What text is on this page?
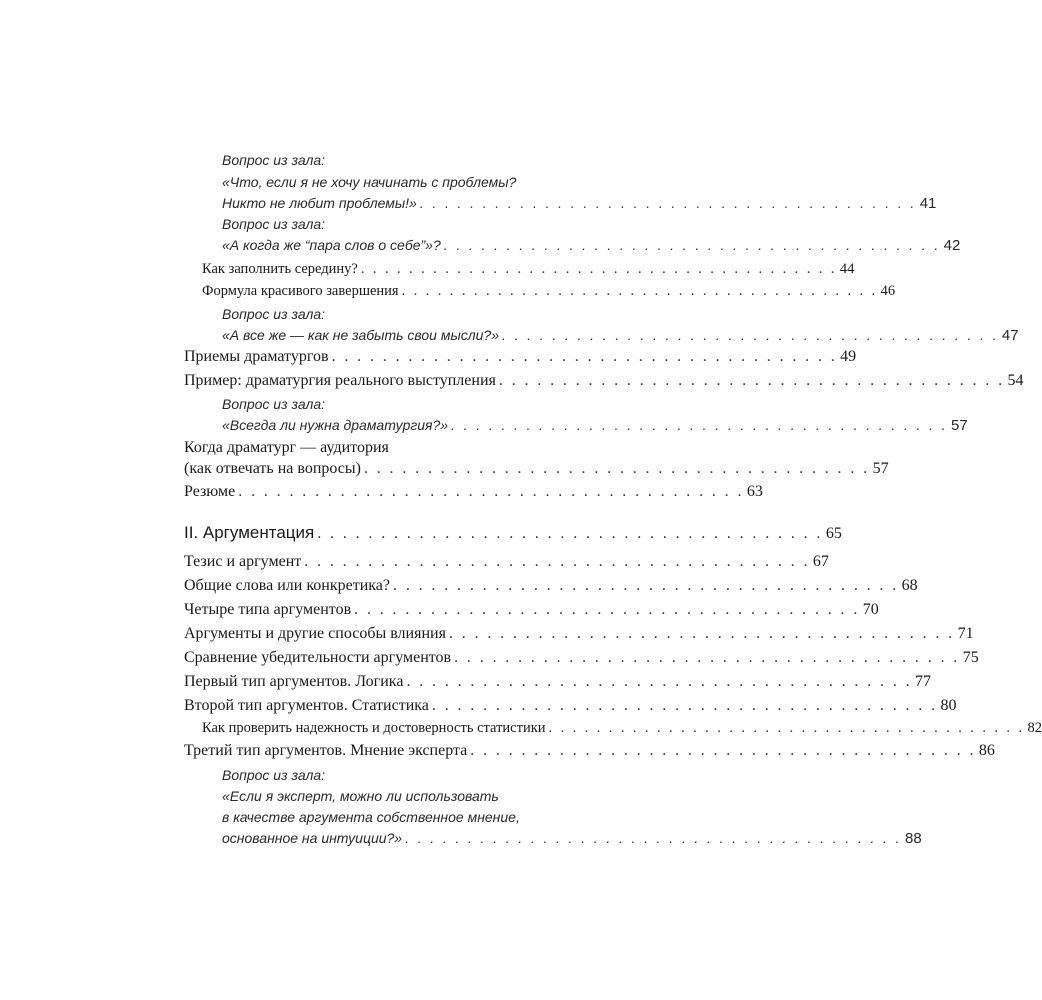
Вопрос из зала:
«Что, если я не хочу начинать с проблемы?
Никто не любит проблемы!» . . . . . . . . . . . . . . . . . . . . . . . . . . . . . . . . . . . . . . . . 41
Вопрос из зала:
«А когда же “пара слов о себе”»? . . . . . . . . . . . . . . . . . . . . . . . . . . . . . . . . . . . . . . . . 42
Как заполнить середину? . . . . . . . . . . . . . . . . . . . . . . . . . . . . . . . . . . . . . . . . 44
Формула красивого завершения . . . . . . . . . . . . . . . . . . . . . . . . . . . . . . . . . . . . . . . . 46
Вопрос из зала:
«А все же — как не забыть свои мысли?» . . . . . . . . . . . . . . . . . . . . . . . . . . . . . . . . . . . . . . . . 47
Приемы драматургов . . . . . . . . . . . . . . . . . . . . . . . . . . . . . . . . . . . . . . . . 49
Пример: драматургия реального выступления . . . . . . . . . . . . . . . . . . . . . . . . . . . . . . . . . . . . . . . . 54
Вопрос из зала:
«Всегда ли нужна драматургия?» . . . . . . . . . . . . . . . . . . . . . . . . . . . . . . . . . . . . . . . . 57
Когда драматург — аудитория
(как отвечать на вопросы) . . . . . . . . . . . . . . . . . . . . . . . . . . . . . . . . . . . . . . . . 57
Резюме . . . . . . . . . . . . . . . . . . . . . . . . . . . . . . . . . . . . . . . . 63
II. Аргументация . . . . . . . . . . . . . . . . . . . . . . . . . . . . . . . . . . . . . . . . 65
Тезис и аргумент . . . . . . . . . . . . . . . . . . . . . . . . . . . . . . . . . . . . . . . . 67
Общие слова или конкретика? . . . . . . . . . . . . . . . . . . . . . . . . . . . . . . . . . . . . . . . . 68
Четыре типа аргументов . . . . . . . . . . . . . . . . . . . . . . . . . . . . . . . . . . . . . . . . 70
Аргументы и другие способы влияния . . . . . . . . . . . . . . . . . . . . . . . . . . . . . . . . . . . . . . . . 71
Сравнение убедительности аргументов . . . . . . . . . . . . . . . . . . . . . . . . . . . . . . . . . . . . . . . . 75
Первый тип аргументов. Логика . . . . . . . . . . . . . . . . . . . . . . . . . . . . . . . . . . . . . . . . 77
Второй тип аргументов. Статистика . . . . . . . . . . . . . . . . . . . . . . . . . . . . . . . . . . . . . . . . 80
Как проверить надежность и достоверность статистики . . . . . . . . . . . . . . . . . . . . . . . . . . . . . . . . . . . . . . . . 82
Третий тип аргументов. Мнение эксперта . . . . . . . . . . . . . . . . . . . . . . . . . . . . . . . . . . . . . . . . 86
Вопрос из зала:
«Если я эксперт, можно ли использовать
в качестве аргумента собственное мнение,
основанное на интуиции?» . . . . . . . . . . . . . . . . . . . . . . . . . . . . . . . . . . . . . . . . 88
